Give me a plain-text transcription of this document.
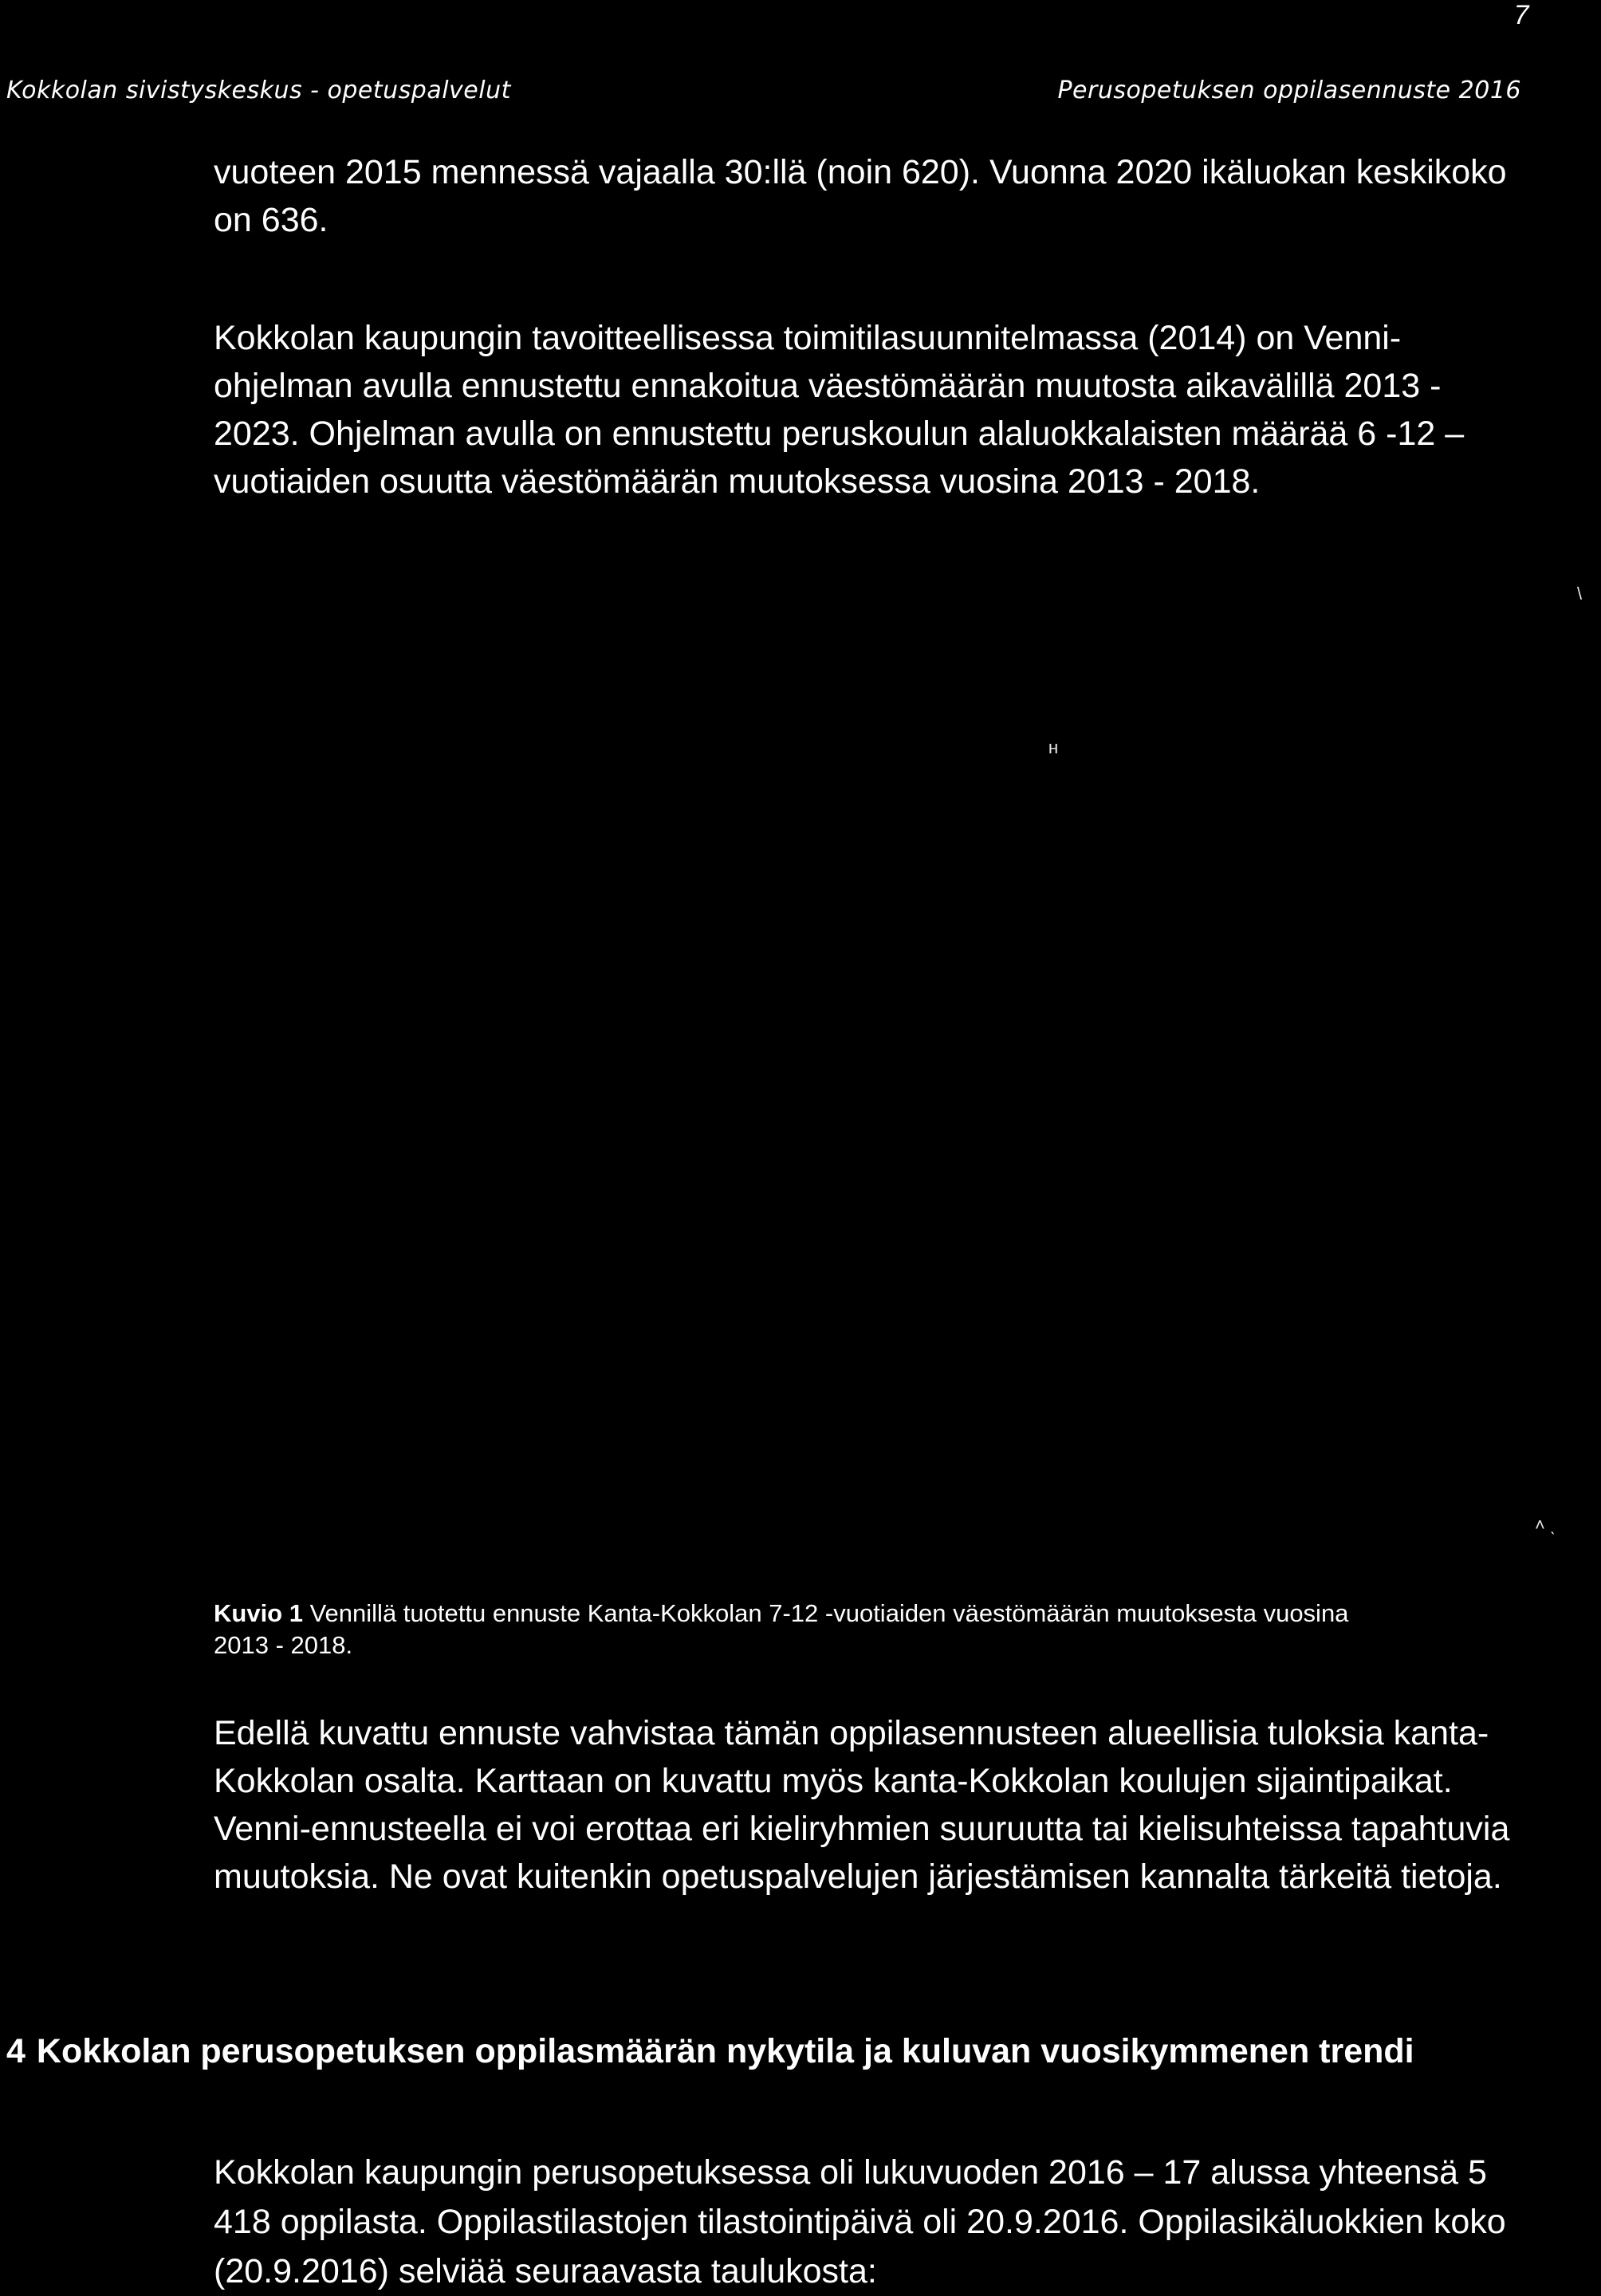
7
Kokkolan sivistyskeskus - opetuspalvelut	Perusopetuksen oppilasennuste 2016

vuoteen 2015 mennessä vajaalla 30:llä (noin 620). Vuonna 2020 ikäluokan keskikoko on 636.

Kokkolan kaupungin tavoitteellisessa toimitilasuunnitelmassa (2014) on Venni-ohjelman avulla ennustettu ennakoitua väestömäärän muutosta aikavälillä 2013 - 2023. Ohjelman avulla on ennustettu peruskoulun alaluokkalaisten määrää 6 -12 – vuotiaiden osuutta väestömäärän muutoksessa vuosina 2013 - 2018.

\
ʜ
˄ ˎ
Kuvio 1 Vennillä tuotettu ennuste Kanta-Kokkolan 7-12 -vuotiaiden väestömäärän muutoksesta vuosina 2013 - 2018.

Edellä kuvattu ennuste vahvistaa tämän oppilasennusteen alueellisia tuloksia kanta-Kokkolan osalta. Karttaan on kuvattu myös kanta-Kokkolan koulujen sijaintipaikat. Venni-ennusteella ei voi erottaa eri kieliryhmien suuruutta tai kielisuhteissa tapahtuvia muutoksia. Ne ovat kuitenkin opetuspalvelujen järjestämisen kannalta tärkeitä tietoja.

4 Kokkolan perusopetuksen oppilasmäärän nykytila ja kuluvan vuosikymmenen trendi

Kokkolan kaupungin perusopetuksessa oli lukuvuoden 2016 – 17 alussa yhteensä 5 418 oppilasta. Oppilastilastojen tilastointipäivä oli 20.9.2016. Oppilasikäluokkien koko (20.9.2016) selviää seuraavasta taulukosta:
